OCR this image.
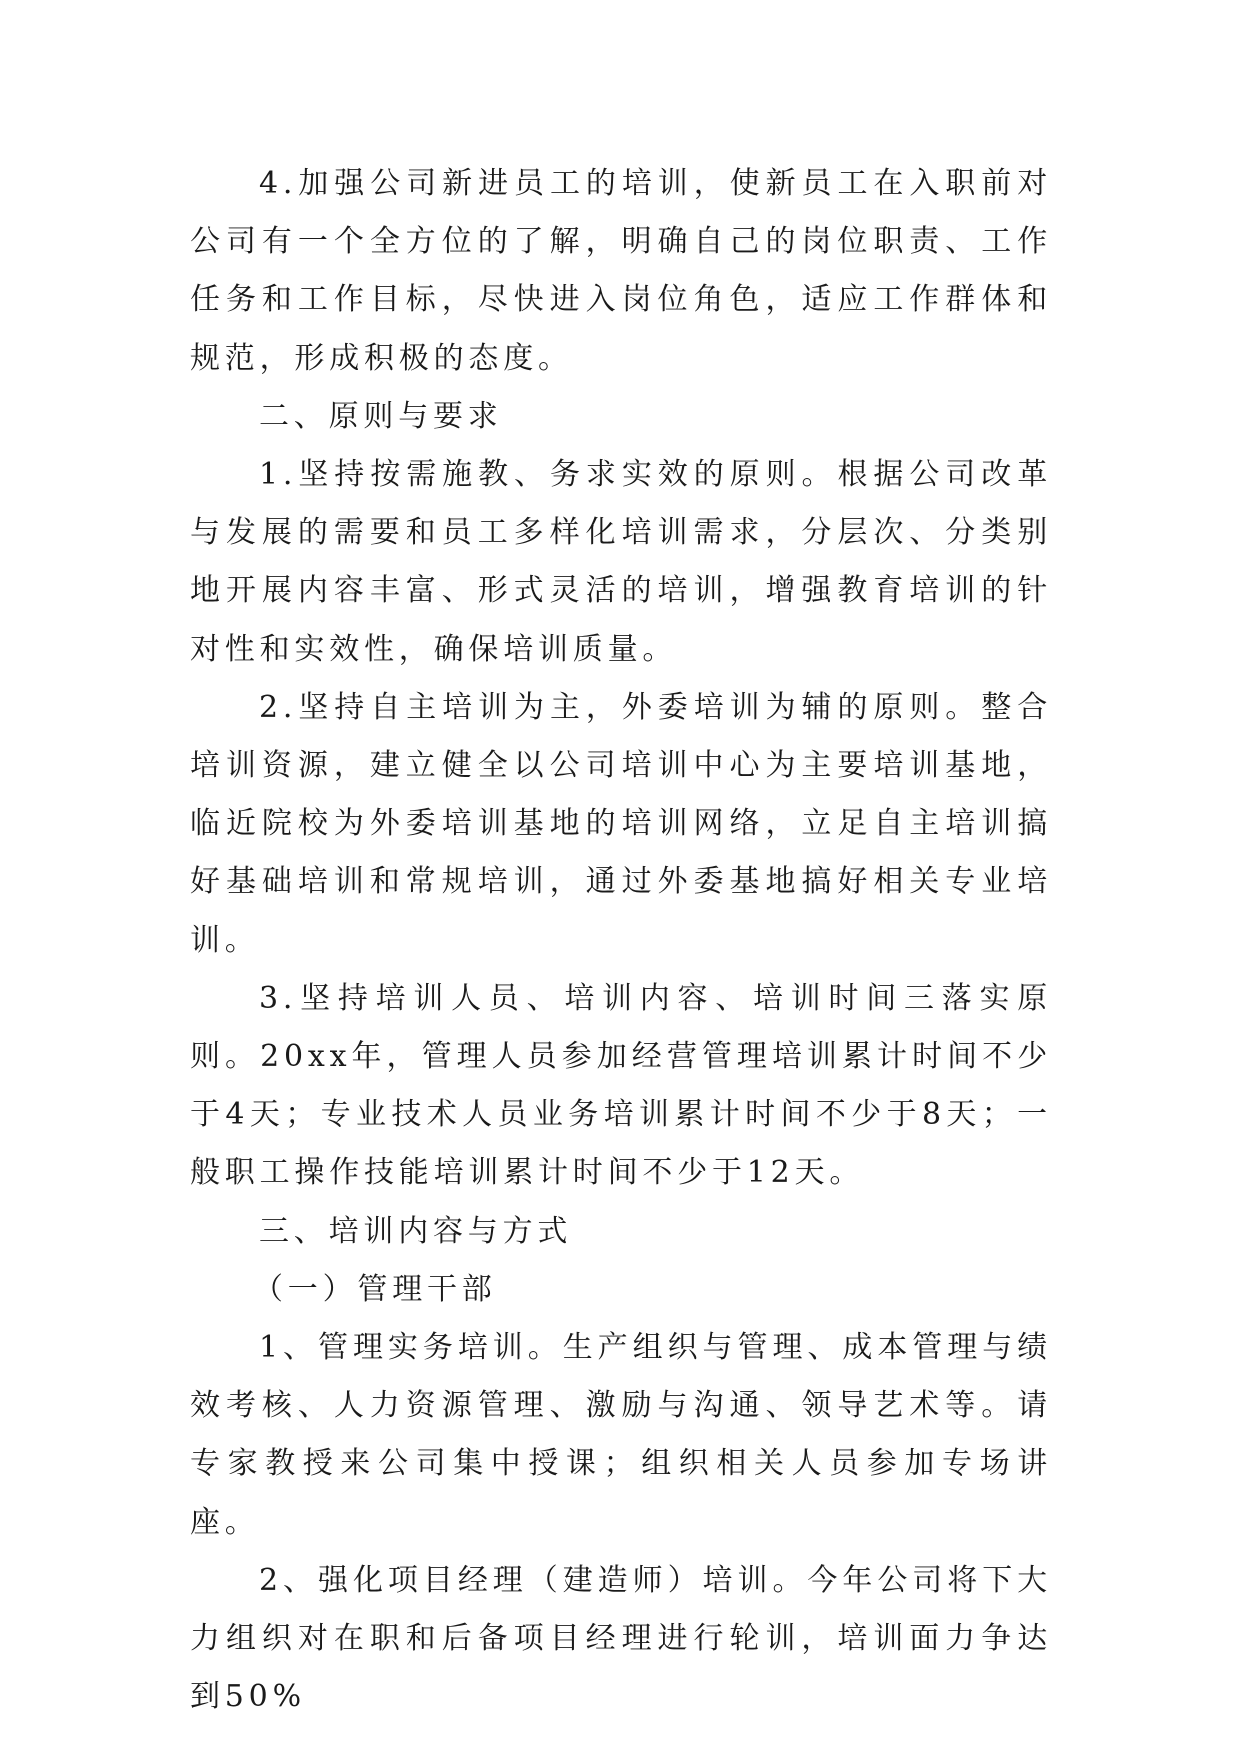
4.加强公司新进员工的培训，使新员工在入职前对公司有一个全方位的了解，明确自己的岗位职责、工作任务和工作目标，尽快进入岗位角色，适应工作群体和规范，形成积极的态度。

二、原则与要求

1.坚持按需施教、务求实效的原则。根据公司改革与发展的需要和员工多样化培训需求，分层次、分类别地开展内容丰富、形式灵活的培训，增强教育培训的针对性和实效性，确保培训质量。

2.坚持自主培训为主，外委培训为辅的原则。整合培训资源，建立健全以公司培训中心为主要培训基地，临近院校为外委培训基地的培训网络，立足自主培训搞好基础培训和常规培训，通过外委基地搞好相关专业培训。

3.坚持培训人员、培训内容、培训时间三落实原则。20xx年，管理人员参加经营管理培训累计时间不少于4天；专业技术人员业务培训累计时间不少于8天；一般职工操作技能培训累计时间不少于12天。

三、培训内容与方式

（一）管理干部

1、管理实务培训。生产组织与管理、成本管理与绩效考核、人力资源管理、激励与沟通、领导艺术等。请专家教授来公司集中授课；组织相关人员参加专场讲座。

2、强化项目经理（建造师）培训。今年公司将下大力组织对在职和后备项目经理进行轮训，培训面力争达到50%
